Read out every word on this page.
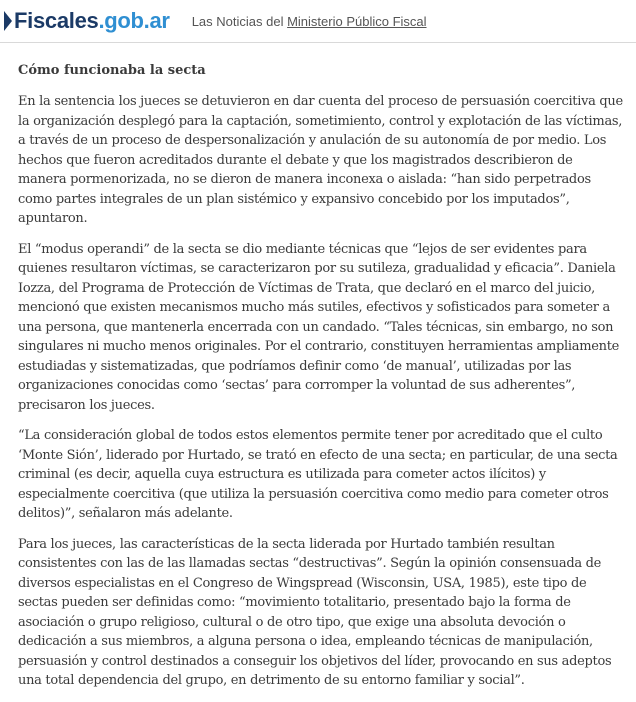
Fiscales .gob.ar Las Noticias del Ministerio Público Fiscal
Cómo funcionaba la secta

En la sentencia los jueces se detuvieron en dar cuenta del proceso de persuasión coercitiva que la organización desplegó para la captación, sometimiento, control y explotación de las víctimas, a través de un proceso de despersonalización y anulación de su autonomía de por medio. Los hechos que fueron acreditados durante el debate y que los magistrados describieron de manera pormenorizada, no se dieron de manera inconexa o aislada: “han sido perpetrados como partes integrales de un plan sistémico y expansivo concebido por los imputados”, apuntaron.

El “modus operandi” de la secta se dio mediante técnicas que “lejos de ser evidentes para quienes resultaron víctimas, se caracterizaron por su sutileza, gradualidad y eficacia”. Daniela Iozza, del Programa de Protección de Víctimas de Trata, que declaró en el marco del juicio, mencionó que existen mecanismos mucho más sutiles, efectivos y sofisticados para someter a una persona, que mantenerla encerrada con un candado. “Tales técnicas, sin embargo, no son singulares ni mucho menos originales. Por el contrario, constituyen herramientas ampliamente estudiadas y sistematizadas, que podríamos definir como ‘de manual’, utilizadas por las organizaciones conocidas como ‘sectas’ para corromper la voluntad de sus adherentes”, precisaron los jueces.

“La consideración global de todos estos elementos permite tener por acreditado que el culto ‘Monte Sión’, liderado por Hurtado, se trató en efecto de una secta; en particular, de una secta criminal (es decir, aquella cuya estructura es utilizada para cometer actos ilícitos) y especialmente coercitiva (que utiliza la persuasión coercitiva como medio para cometer otros delitos)”, señalaron más adelante.

Para los jueces, las características de la secta liderada por Hurtado también resultan consistentes con las de las llamadas sectas “destructivas”. Según la opinión consensuada de diversos especialistas en el Congreso de Wingspread (Wisconsin, USA, 1985), este tipo de sectas pueden ser definidas como: “movimiento totalitario, presentado bajo la forma de asociación o grupo religioso, cultural o de otro tipo, que exige una absoluta devoción o dedicación a sus miembros, a alguna persona o idea, empleando técnicas de manipulación, persuasión y control destinados a conseguir los objetivos del líder, provocando en sus adeptos una total dependencia del grupo, en detrimento de su entorno familiar y social”.
